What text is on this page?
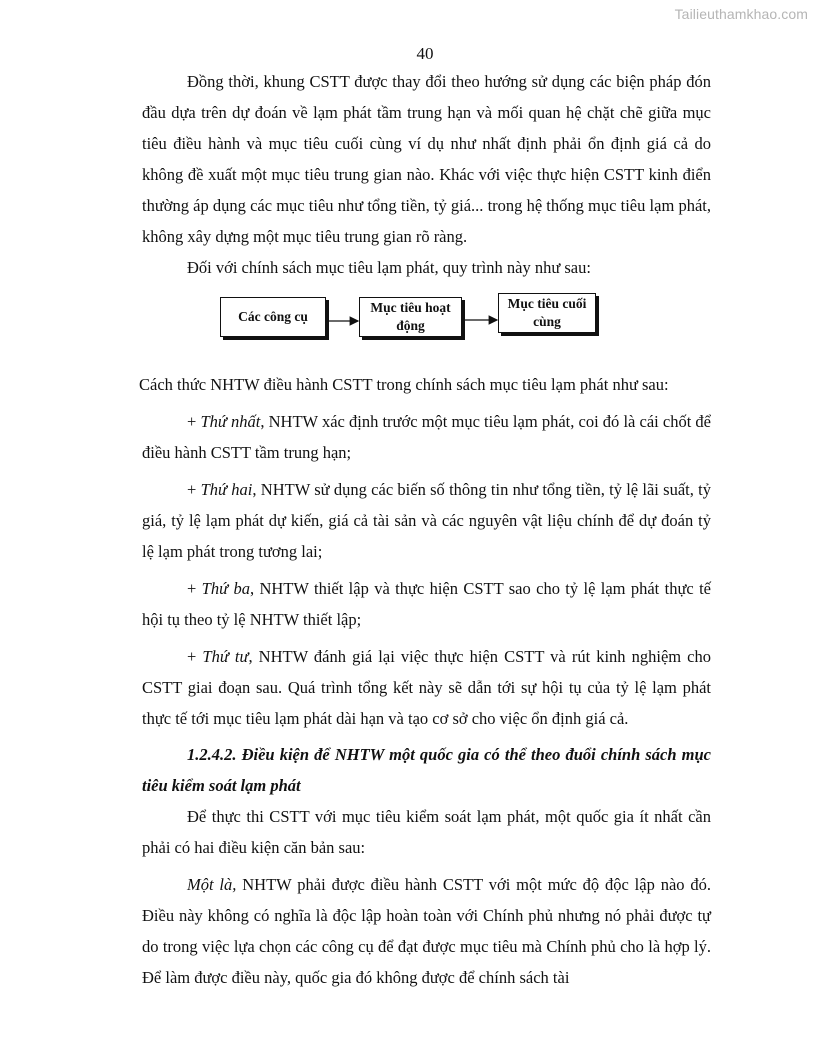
Tailieuthamkhao.com
40

Đồng thời, khung CSTT được thay đổi theo hướng sử dụng các biện pháp đón đầu dựa trên dự đoán về lạm phát tầm trung hạn và mối quan hệ chặt chẽ giữa mục tiêu điều hành và mục tiêu cuối cùng ví dụ như nhất định phải ổn định giá cả do không đề xuất một mục tiêu trung gian nào. Khác với việc thực hiện CSTT kinh điển thường áp dụng các mục tiêu như tổng tiền, tỷ giá... trong hệ thống mục tiêu lạm phát, không xây dựng một mục tiêu trung gian rõ ràng.

Đối với chính sách mục tiêu lạm phát, quy trình này như sau:

Các công cụ
Mục tiêu hoạt động
Mục tiêu cuối cùng

Cách thức NHTW điều hành CSTT trong chính sách mục tiêu lạm phát như sau:

+ Thứ nhất, NHTW xác định trước một mục tiêu lạm phát, coi đó là cái chốt để điều hành CSTT tầm trung hạn;

+ Thứ hai, NHTW sử dụng các biến số thông tin như tổng tiền, tỷ lệ lãi suất, tỷ giá, tỷ lệ lạm phát dự kiến, giá cả tài sản và các nguyên vật liệu chính để dự đoán tỷ lệ lạm phát trong tương lai;

+ Thứ ba, NHTW thiết lập và thực hiện CSTT sao cho tỷ lệ lạm phát thực tế hội tụ theo tỷ lệ NHTW thiết lập;

+ Thứ tư, NHTW đánh giá lại việc thực hiện CSTT và rút kinh nghiệm cho CSTT giai đoạn sau. Quá trình tổng kết này sẽ dẫn tới sự hội tụ của tỷ lệ lạm phát thực tế tới mục tiêu lạm phát dài hạn và tạo cơ sở cho việc ổn định giá cả.

1.2.4.2. Điều kiện để NHTW một quốc gia có thể theo đuổi chính sách mục tiêu kiểm soát lạm phát

Để thực thi CSTT với mục tiêu kiểm soát lạm phát, một quốc gia ít nhất cần phải có hai điều kiện căn bản sau:

Một là, NHTW phải được điều hành CSTT với một mức độ độc lập nào đó. Điều này không có nghĩa là độc lập hoàn toàn với Chính phủ nhưng nó phải được tự do trong việc lựa chọn các công cụ để đạt được mục tiêu mà Chính phủ cho là hợp lý. Để làm được điều này, quốc gia đó không được để chính sách tài
